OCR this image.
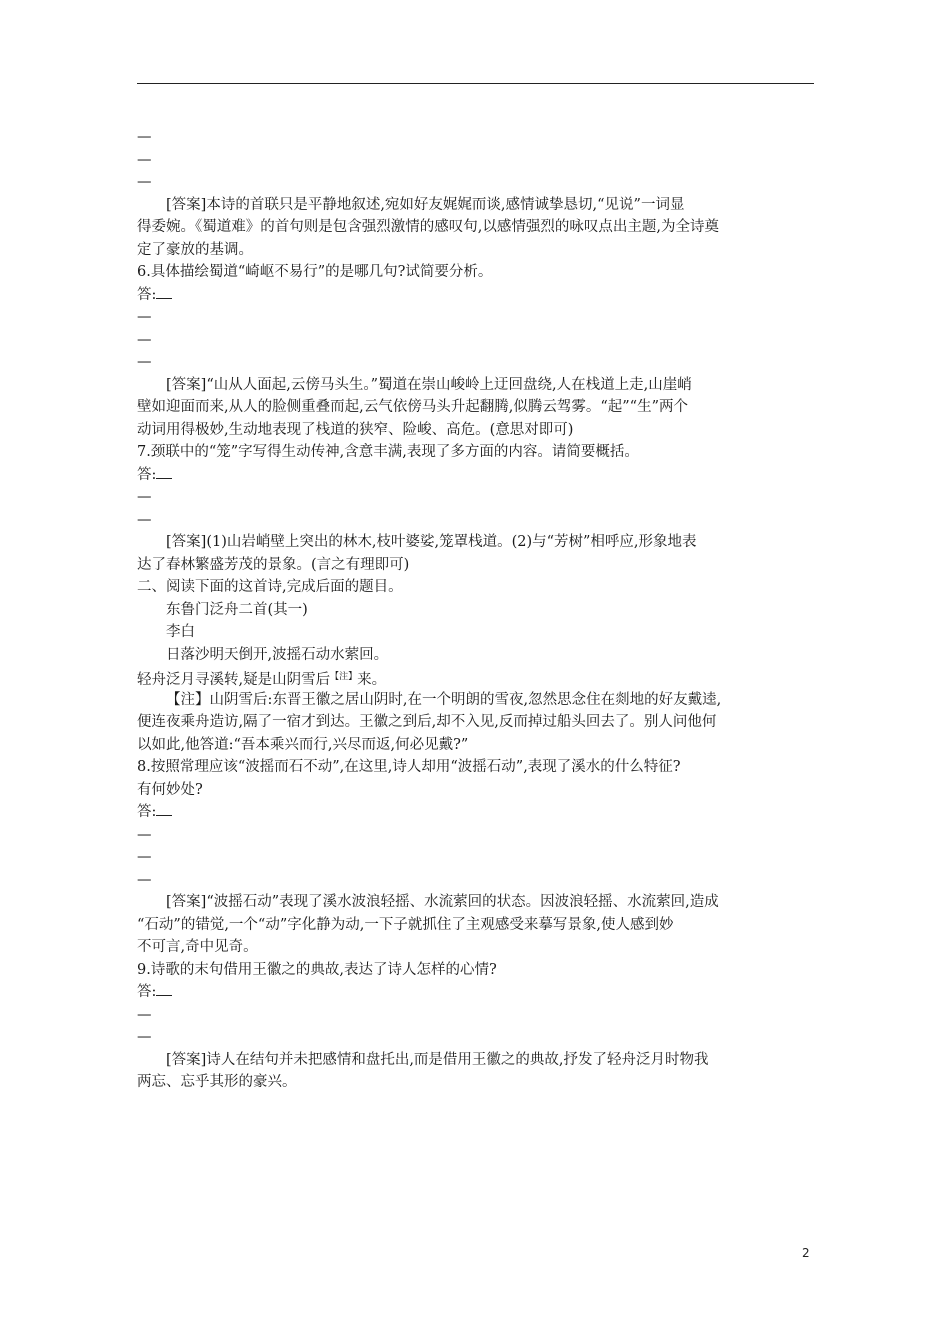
—
—
—
[答案]本诗的首联只是平静地叙述,宛如好友娓娓而谈,感情诚挚恳切,“见说”一词显
得委婉。《蜀道难》的首句则是包含强烈激情的感叹句,以感情强烈的咏叹点出主题,为全诗奠
定了豪放的基调。
6.具体描绘蜀道“崎岖不易行”的是哪几句?试简要分析。
答:
—
—
—
[答案]“山从人面起,云傍马头生。”蜀道在崇山峻岭上迂回盘绕,人在栈道上走,山崖峭
壁如迎面而来,从人的脸侧重叠而起,云气依傍马头升起翻腾,似腾云驾雾。“起”“生”两个
动词用得极妙,生动地表现了栈道的狭窄、险峻、高危。(意思对即可)
7.颈联中的“笼”字写得生动传神,含意丰满,表现了多方面的内容。请简要概括。
答:
—
—
[答案](1)山岩峭壁上突出的林木,枝叶婆娑,笼罩栈道。(2)与“芳树”相呼应,形象地表
达了春林繁盛芳茂的景象。(言之有理即可)
二、阅读下面的这首诗,完成后面的题目。
东鲁门泛舟二首(其一)
李白
日落沙明天倒开,波摇石动水萦回。
轻舟泛月寻溪转,疑是山阴雪后$^{【注】}$来。
【注】山阴雪后:东晋王徽之居山阴时,在一个明朗的雪夜,忽然思念住在剡地的好友戴逵,
便连夜乘舟造访,隔了一宿才到达。王徽之到后,却不入见,反而掉过船头回去了。别人问他何
以如此,他答道:“吾本乘兴而行,兴尽而返,何必见戴?”
8.按照常理应该“波摇而石不动”,在这里,诗人却用“波摇石动”,表现了溪水的什么特征?
有何妙处?
答:
—
—
—
[答案]“波摇石动”表现了溪水波浪轻摇、水流萦回的状态。因波浪轻摇、水流萦回,造成
“石动”的错觉,一个“动”字化静为动,一下子就抓住了主观感受来摹写景象,使人感到妙
不可言,奇中见奇。
9.诗歌的末句借用王徽之的典故,表达了诗人怎样的心情?
答:
—
—
[答案]诗人在结句并未把感情和盘托出,而是借用王徽之的典故,抒发了轻舟泛月时物我
两忘、忘乎其形的豪兴。
2
